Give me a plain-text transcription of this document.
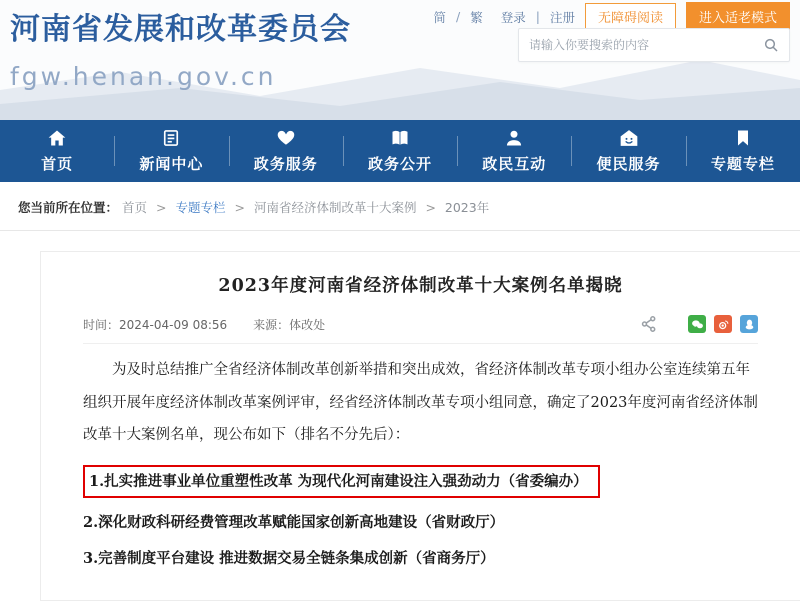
河南省发展和改革委员会
fgw.henan.gov.cn
简 / 繁 登录 | 注册	无障碍阅读	进入适老模式
请输入你要搜索的内容
首页	新闻中心	政务服务	政务公开	政民互动	便民服务	专题专栏
您当前所在位置： 首页 > 专题专栏 > 河南省经济体制改革十大案例 > 2023年
2023年度河南省经济体制改革十大案例名单揭晓
时间：2024-04-09 08:56 来源：体改处

为及时总结推广全省经济体制改革创新举措和突出成效，省经济体制改革专项小组办公室连续第五年组织开展年度经济体制改革案例评审，经省经济体制改革专项小组同意，确定了2023年度河南省经济体制改革十大案例名单，现公布如下（排名不分先后）：

1.扎实推进事业单位重塑性改革 为现代化河南建设注入强劲动力（省委编办）
2.深化财政科研经费管理改革赋能国家创新高地建设（省财政厅）
3.完善制度平台建设 推进数据交易全链条集成创新（省商务厅）
